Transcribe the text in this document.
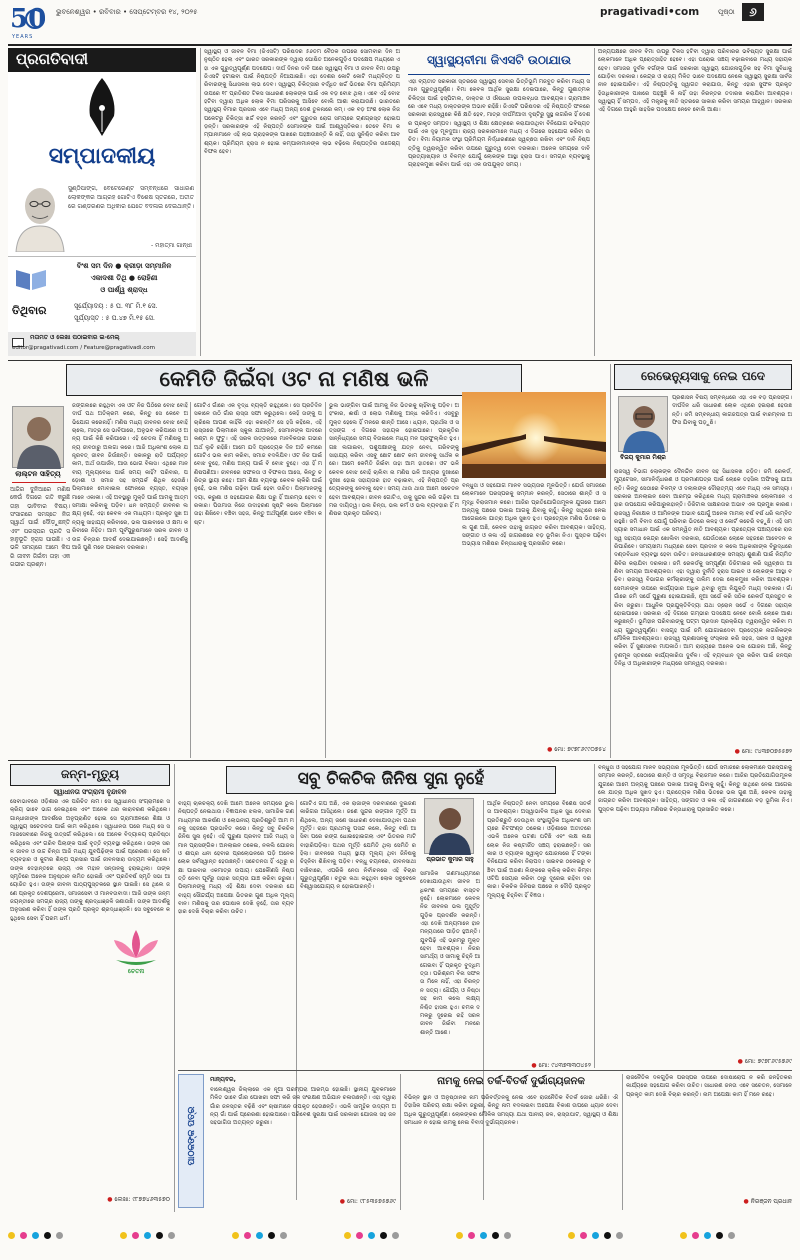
50
YEARS
ଭୁବନେଶ୍ୱର • ରବିବାର • ସେପ୍ଟେମ୍ବର ୧୪, ୨୦୨୫	pragativadi•com	ପୃଷ୍ଠା	୬
ପ୍ରଗତିବାଦୀ
ସମ୍ପାଦକୀୟ
ସୁଣ୍ଠିପାଙ୍ଗ, ବେଟେରେଣ୍ଟ ସମ୍ବନ୍ଧରେ ସାଧାରଣ ଲୋକଙ୍କର ଆଗ୍ରହ ଗୋଟିଏ ବିଶେଷ ସ୍ତରରେ, ଅତୀତରେ ଗଣ୍ଡରଣର ଅଧିକାର ଯେତେ ବଦଳାଇ ଦେଇଥାନ୍ତି।
- ମହାତ୍ମା ଗାନ୍ଧୀ
ବିଂଶ ସମ ଦିନ ● କ୍ରୀଡ଼ା ସମ୍ମାନିନ
ଏକାଦଶୀ ତିଥି ● ରୋହିଣୀ
ଓ ପାର୍ଶ୍ୱ ଶ୍ରାଦ୍ଧ
ତିଥିବାର	ସୂର୍ଯ୍ୟୋଦୟ : ୫ ଘ. ୩୮ ମି.୧ ସେ.
ସୂର୍ଯ୍ୟାସ୍ତ : ୫ ଘ.୪୭ ମି.୧୫ ସେ.
ମତାମତ ଓ ଲେଖା ପଠାଇବାର ଇ-ମେଲ୍
editor@pragativadi.com / Feature@pragativadi.com
ସ୍ୱାସ୍ଥ୍ୟ ଓ ଜୀବନ ବିମା (ଜିଏସଟି) ପରିଷଦର ୫୬ତମ ବୈଠକ ଉପରେ ସୋମବାର ଦିନ ଅନୁଷ୍ଠିତ ହେଲା ଏବଂ ଭାରତ ସରକାରଙ୍କ ଦ୍ୱାରା ଘୋଷିତ ଅନେକଗୁଡ଼ିଏ ପଦକ୍ଷେପ ମଧ୍ୟରେ ଏହା ଏକ ଗୁରୁତ୍ୱପୂର୍ଣ୍ଣ ପଦକ୍ଷେପ। ଦୀର୍ଘ ଦିନର ଦାବି ପରେ ସ୍ୱାସ୍ଥ୍ୟ ବିମା ଓ ଜୀବନ ବିମା ଉପରୁ ଜିଏସଟି ହଟାଇବା ପାଇଁ ନିଷ୍ପତ୍ତି ନିଆଯାଇଛି। ଏହା ଦେଶର କୋଟି କୋଟି ମଧ୍ୟବିତ୍ତ ପରିବାରଙ୍କୁ ସିଧାସଳଖ ଲାଭ ଦେବ। ସ୍ୱାସ୍ଥ୍ୟ ଚିକିତ୍ସାର ବର୍ଦ୍ଧିତ ଖର୍ଚ୍ଚ ଭିତରେ ବିମା ପ୍ରିମିୟମ ଉପରେ ୧୮ ପ୍ରତିଶତ ଟିକସ ସାଧାରଣ ଲୋକଙ୍କ ପାଇଁ ଏକ ବଡ଼ ବୋଝ ଥିଲା। ଏବେ ଏହି ବୋଝ ହଟିବା ଦ୍ୱାରା ଅଧିକ ଲୋକ ବିମା ପରିସରକୁ ଆସିବେ ବୋଲି ଆଶା କରାଯାଉଛି। ଭାରତରେ ସ୍ୱାସ୍ଥ୍ୟ ବିମାର ପ୍ରସାର ଏବେ ମଧ୍ୟ ଅନ୍ୟ ଦେଶ ତୁଳନାରେ କମ୍‌। ଏକ ବଡ଼ ଅଂଶ ଲୋକ ନିଜ ପକେଟରୁ ଚିକିତ୍ସା ଖର୍ଚ୍ଚ ବହନ କରନ୍ତି ଏବଂ ଗୁରୁତର ରୋଗ ସମୟରେ ଋଣଗ୍ରସ୍ତ ହୋଇପଡ଼ନ୍ତି। ସରକାରଙ୍କ ଏହି ନିଷ୍ପତ୍ତି ସେମାନଙ୍କ ପାଇଁ ଆଶ୍ୱସ୍ତିକର। ତେବେ ବିମା କମ୍ପାନୀମାନେ ଏହି ଲାଭ ଗ୍ରାହକଙ୍କ ପାଖରେ ପହଞ୍ଚାଉଛନ୍ତି କି ନାହିଁ, ତାହା ସୁନିଶ୍ଚିତ କରିବା ଆବଶ୍ୟକ। ପ୍ରିମିୟମ ହ୍ରାସ ନ ହୋଇ କମ୍ପାନୀମାନଙ୍କ ଲାଭ ବଢ଼ିଲେ ନିଷ୍ପତ୍ତିର ଉଦ୍ଦେଶ୍ୟ ବିଫଳ ହେବ।
ସ୍ୱାସ୍ଥ୍ୟବୀମା ଜିଏସଟି ଉଠାଯାଉ
ଏହା ବ୍ୟତୀତ ସରକାରୀ ସ୍ତରରେ ସ୍ୱାସ୍ଥ୍ୟ ସେବାର ଭିତ୍ତିଭୂମି ମଜବୁତ କରିବା ମଧ୍ୟ ସମାନ ଗୁରୁତ୍ୱପୂର୍ଣ୍ଣ। ବିମା କେବଳ ଆର୍ଥିକ ସୁରକ୍ଷା ଦେଇପାରେ, କିନ୍ତୁ ଗୁଣାତ୍ମକ ଚିକିତ୍ସା ପାଇଁ ହସ୍ପିଟାଲ, ଡାକ୍ତର ଓ ଔଷଧର ଉପଲବ୍ଧତା ଆବଶ୍ୟକ। ଗ୍ରାମାଞ୍ଚଳରେ ଏବେ ମଧ୍ୟ ଡାକ୍ତରଙ୍କ ଅଭାବ ରହିଛି। ଜିଏସଟି ପରିଷଦର ଏହି ନିଷ୍ପତ୍ତି ଫଳରେ ସରକାରୀ ରାଜସ୍ୱରେ କିଛି କ୍ଷତି ହେବ, ମାତ୍ର ଦୀର୍ଘମିଆଦୀ ଦୃଷ୍ଟିରୁ ସୁସ୍ଥ ନାଗରିକ ହିଁ ଦେଶର ପ୍ରକୃତ ସମ୍ପଦ। ସ୍ୱାସ୍ଥ୍ୟ ଓ ଶିକ୍ଷା କ୍ଷେତ୍ରରେ କରାଯାଉଥିବା ବିନିଯୋଗ ଭବିଷ୍ୟତ ପାଇଁ ଏକ ଦୃଢ଼ ମୂଳଦୁଆ। ରାଜ୍ୟ ସରକାରମାନେ ମଧ୍ୟ ଏ ଦିଗରେ ସହଯୋଗ କରିବା ଉଚିତ। ବିମା ନିୟାମକ ସଂସ୍ଥା ପ୍ରିମିୟମ ନିର୍ଦ୍ଧାରଣରେ ସ୍ୱଚ୍ଛତା ରଖିବା ଏବଂ ଦାବି ନିଷ୍ପତ୍ତିକୁ ତ୍ୱରାନ୍ୱିତ କରିବା ଉପରେ ଗୁରୁତ୍ୱ ଦେବା ଦରକାର। ଅନେକ ସମୟରେ ଦାବି ପ୍ରତ୍ୟାଖ୍ୟାନ ଓ ବିଳମ୍ବ ଯୋଗୁଁ ଲୋକଙ୍କ ଆସ୍ଥା ହ୍ରାସ ପାଏ। ସମଗ୍ର ବ୍ୟବସ୍ଥାକୁ ଗ୍ରାହକମୁଖୀ କରିବା ପାଇଁ ଏହା ଏକ ଉପଯୁକ୍ତ ସମୟ।
ଅନ୍ୟପକ୍ଷରେ ଜୀବନ ବିମା ଉପରୁ ଟିକସ ହଟିବା ଦ୍ୱାରା ପରିବାରର ଭବିଷ୍ୟତ ସୁରକ୍ଷା ପାଇଁ ଲୋକମାନେ ଅଧିକ ପ୍ରୋତ୍ସାହିତ ହେବେ। ଏହା ଘରୋଇ ସଞ୍ଚୟ ବଢ଼ାଇବାରେ ମଧ୍ୟ ସହାୟକ ହେବ। ସମାଜର ଦୁର୍ବଳ ବର୍ଗଙ୍କ ପାଇଁ ସରକାରୀ ସ୍ୱାସ୍ଥ୍ୟ ଯୋଜନାଗୁଡ଼ିକ ସହ ବିମା ସୁବିଧାକୁ ଯୋଡ଼ିବା ଦରକାର। କେନ୍ଦ୍ର ଓ ରାଜ୍ୟ ମିଳିତ ଭାବେ ପଦକ୍ଷେପ ନେଲେ ସ୍ୱାସ୍ଥ୍ୟ ସୁରକ୍ଷା ସାର୍ବଜନୀନ ହୋଇପାରିବ। ଏହି ନିଷ୍ପତ୍ତିକୁ ସ୍ୱାଗତ କରାଯାଉ, କିନ୍ତୁ ଏହାର ସୁଫଳ ପ୍ରକୃତ ହିତାଧିକାରୀଙ୍କ ପାଖରେ ପହଞ୍ଚୁଛି କି ନାହିଁ ତାହା ନିରନ୍ତର ତଦାରଖ କରାଯିବା ଆବଶ୍ୟକ। ସ୍ୱାସ୍ଥ୍ୟ ହିଁ ସମ୍ପଦ, ଏହି ମନ୍ତ୍ରକୁ ନୀତି ସ୍ତରରେ ସାକାର କରିବା ସମୟର ଆହ୍ୱାନ। ସରକାର ଏହି ଦିଗରେ ଆହୁରି ସାହସିକ ପଦକ୍ଷେପ ନେବେ ବୋଲି ଆଶା।
କେମିତି ଜିଇଁବା ଓଟ ନା ମଣିଷ ଭଳି
ଲାଲ୍ଟନ ସାହିତ୍ୟ
ଆଜିର ଦୁନିଆରେ ମଣିଷ କେଉଁ ଦିଗରେ ଗତି କରୁଛି ତାହା ଭାବିବାର ବିଷୟ। ସଂସାରରେ ସମସ୍ତେ ନିଜ ସ୍ୱାର୍ଥ ପାଇଁ ଦୌଡ଼ୁଛନ୍ତି ଏବଂ ପରସ୍ପର ପ୍ରତି ସହାନୁଭୂତି ହ୍ରାସ ପାଉଛି। ଏଭଳି ସମୟରେ ଆମେ କିପରି ଜୀବନ ଜିଇଁବା ତାହା ଏକ ଗଭୀର ପ୍ରଶ୍ନ।
ଜଙ୍ଗଲରେ ରହୁଥିବା ଏକ ଓଟ ନିଜ ପିଠିରେ ବୋଝ ବୋହି ଦୀର୍ଘ ପଥ ଅତିକ୍ରମ କରେ, କିନ୍ତୁ ସେ କେବେ ଅଭିଯୋଗ କରେନାହିଁ। ମଣିଷ ମଧ୍ୟ ଜୀବନର ବୋଝ ବୋହି ଚାଲେ, ମାତ୍ର ସେ ଭାବିପାରେ, ଅନୁଭବ କରିପାରେ ଓ ଅନ୍ୟ ପାଇଁ କିଛି କରିପାରେ। ଏହି ଚେତନା ହିଁ ମଣିଷକୁ ଅନ୍ୟ ଜୀବଠାରୁ ଅଲଗା କରେ। ଆଜି ଅଧିକାଂଶ ଲୋକ ଯନ୍ତ୍ରବତ୍‌ ଜୀବନ ଜିଉଁଛନ୍ତି। ସକାଳରୁ ରାତି ପର୍ଯ୍ୟନ୍ତ କାମ, ଅର୍ଥ ଉପାର୍ଜନ, ଆଉ ଭୋଗ ବିଳାସ। ଏଥିରେ ମାନବୀୟ ମୂଲ୍ୟବୋଧ ପାଇଁ ସମୟ କାହିଁ? ପରିବାର, ପଡ଼ୋଶୀ ଓ ସମାଜ ସହ ସମ୍ପର୍କ ଶିଥିଳ ହେଉଛି। ପିଲାମାନେ ମୋବାଇଲ ଫୋନରେ ବ୍ୟସ୍ତ, ବୟସ୍କମାନେ ଏକାକୀ। ଏହି ଅବସ୍ଥାରୁ ମୁକ୍ତି ପାଇଁ ଆମକୁ ଆତ୍ମସମୀକ୍ଷା କରିବାକୁ ପଡ଼ିବ। ଧନ ସମ୍ପତ୍ତି ଜୀବନର ଲକ୍ଷ୍ୟ ନୁହେଁ, ଏହା କେବଳ ଏକ ମାଧ୍ୟମ। ପ୍ରକୃତ ସୁଖ ଅନ୍ୟକୁ ସାହାଯ୍ୟ କରିବାରେ, ଭଲ ପାଇବାରେ ଓ କ୍ଷମା କରିବାରେ ନିହିତ। ଆମ ପୂର୍ବପୁରୁଷମାନେ ସରଳ ଜୀବନ ଓ ଉଚ୍ଚ ଚିନ୍ତାର ଆଦର୍ଶ ଦେଇଯାଇଛନ୍ତି। ସେହି ଆଦର୍ଶକୁ ଆଜି ପୁଣି ମନେ ପକାଇବା ଦରକାର।
ଗୋଟିଏ ଗାଁରେ ଏକ ବୃଦ୍ଧ ବ୍ୟକ୍ତି ରହୁଥିଲେ। ସେ ପ୍ରତିଦିନ ସକାଳେ ଉଠି ଗାଁର ରାସ୍ତା ସଫା କରୁଥିଲେ। କେହି ତାଙ୍କୁ ପଚାରିଲେ ଆପଣ କାହିଁକି ଏହା କରନ୍ତି? ସେ ହସି କହିଲେ, ଏହି ରାସ୍ତାରେ ପିଲାମାନେ ସ୍କୁଲ ଯାଆନ୍ତି, ସେମାନଙ୍କ ପାଦରେ କଣ୍ଟା ନ ଫୁଟୁ। ଏହି ସରଳ ଉତ୍ତରରେ ମାନବିକତାର ଗଭୀର ଅର୍ଥ ଲୁଚି ରହିଛି। ଆମେ ଯଦି ପ୍ରତ୍ୟେକ ଦିନ ଅତି କମରେ ଗୋଟିଏ ଭଲ କାମ କରିବା, ସମାଜ ବଦଳିଯିବ। ଓଟ ନିଜ ପାଇଁ ବୋଝ ବୁହେ, ମଣିଷ ଅନ୍ୟ ପାଇଁ ବି ବୋଝ ବୁହେ। ଏହା ହିଁ ମଣିଷପଣିଆ। ଜୀବନରେ ସଫଳତା ଓ ବିଫଳତା ଆସେ, କିନ୍ତୁ ଚରିତ୍ର ସ୍ଥାୟୀ ରହେ। ଆମ ଶିକ୍ଷା ବ୍ୟବସ୍ଥା କେବଳ ଚାକିରି ପାଇଁ ନୁହେଁ, ଭଲ ମଣିଷ ଗଢ଼ିବା ପାଇଁ ହେବା ଉଚିତ। ପିଲାମାନଙ୍କୁ ଦୟା, କରୁଣା ଓ ସହଯୋଗର ଶିକ୍ଷା ଘରୁ ହିଁ ଆରମ୍ଭ ହେବା ଦରକାର। ପିତାମାତା ନିଜେ ଉଦାହରଣ ସୃଷ୍ଟି କଲେ ପିଲାମାନେ ତାହା ଶିଖିବେ। ବଞ୍ଚିବା ସହଜ, କିନ୍ତୁ ଅର୍ଥପୂର୍ଣ୍ଣ ଭାବେ ବଞ୍ଚିବା କଷ୍ଟ।
ଭୁଲ ଭାଙ୍ଗିବା ପାଇଁ ଆମକୁ ନିଜ ଭିତରକୁ ଚାହିଁବାକୁ ପଡ଼ିବ। ଅହଂକାର, ଈର୍ଷା ଓ ଲୋଭ ମଣିଷକୁ ଅନ୍ଧ କରିଦିଏ। ଏସବୁରୁ ମୁକ୍ତ ହେଲେ ହିଁ ମନରେ ଶାନ୍ତି ଆସେ। ଧ୍ୟାନ, ପ୍ରାର୍ଥନା ଓ ସତ୍‌ସଙ୍ଗ ଏ ଦିଗରେ ସହାୟକ ହୋଇପାରେ। ପ୍ରକୃତିର ସାନ୍ନିଧ୍ୟରେ ସମୟ ବିତାଇଲେ ମଧ୍ୟ ମନ ପ୍ରଫୁଲ୍ଲିତ ହୁଏ। ଗଛ ଲଗାଇବା, ପଶୁପକ୍ଷୀଙ୍କୁ ଯତ୍ନ ନେବା, ଗରିବଙ୍କୁ ସାହାଯ୍ୟ କରିବା ଏସବୁ ଛୋଟ ଛୋଟ କାମ ଜୀବନକୁ ସାର୍ଥକ କରେ। ଆମେ କେମିତି ଜିଇଁବା ତାହା ଆମ ହାତରେ। ଓଟ ଭଳି କେବଳ ବୋଝ ବୋହି ଚାଲିବା ନା ମଣିଷ ଭଳି ଅନ୍ୟର ଦୁଃଖରେ ଦୁଃଖୀ ହୋଇ ସହାୟତାର ହାତ ବଢ଼ାଇବା, ଏହି ନିଷ୍ପତ୍ତି ପ୍ରତ୍ୟେକଙ୍କୁ ନେବାକୁ ହେବ। ସମୟ ଥାଉ ଥାଉ ଆମେ ସଚେତନ ହେବା ଆବଶ୍ୟକ। ଜୀବନ ଗୋଟିଏ, ତାକୁ ସୁନ୍ଦର କରି ଗଢ଼ିବା ଆମର ଦାୟିତ୍ୱ। ଭଲ ଚିନ୍ତା, ଭଲ କର୍ମ ଓ ଭଲ ବ୍ୟବହାର ହିଁ ମଣିଷର ପ୍ରକୃତ ପରିଚୟ।
ବନ୍ଧୁତା ଓ ସହଯୋଗ ମାନବ ସଭ୍ୟତାର ମୂଳଭିତ୍ତି। ଯେଉଁ ସମାଜରେ ଲୋକମାନେ ପରସ୍ପରକୁ ସମ୍ମାନ କରନ୍ତି, ସେଠାରେ ଶାନ୍ତି ଓ ସମୃଦ୍ଧି ବିରାଜମାନ କରେ। ଆଜିର ପ୍ରତିଯୋଗିତାମୂଳକ ଯୁଗରେ ଆମେ ଅନ୍ୟକୁ ପଛରେ ପକାଇ ଆଗକୁ ଯିବାକୁ ଚାହୁଁ। କିନ୍ତୁ ସାଥିରେ ନେଇ ଆଗେଇଲେ ଯାତ୍ରା ଅଧିକ ସୁଖଦ ହୁଏ। ପ୍ରତ୍ୟେକ ମଣିଷ ଭିତରେ ଭଲ ଗୁଣ ଅଛି, କେବଳ ତାହାକୁ ଜାଗ୍ରତ କରିବା ଆବଶ୍ୟକ। ସାହିତ୍ୟ, ସଙ୍ଗୀତ ଓ କଳା ଏହି ଜାଗରଣରେ ବଡ଼ ଭୂମିକା ନିଏ। ପୁସ୍ତକ ପଢ଼ିବା ଅଭ୍ୟାସ ମଣିଷର ଚିନ୍ତାଧାରାକୁ ପ୍ରସାରିତ କରେ।
● ମୋ: ୭୯୭୮୬୯୯୦୭୫୪
ରେଭେନ୍ୟୁସାକୁ ନେଇ ପଦେ
ବିଜୟ କୁମାର ମିଶ୍ର
ପ୍ରଶାସନ ବିଷୟ ସମ୍ବନ୍ଧରେ ଏହା ଏକ ବଡ଼ ପ୍ରସଙ୍ଗ। ଦୀର୍ଘଦିନ ଧରି ସାଧାରଣ ଲୋକ ଏଥିରେ ହଇରାଣ ହେଉଛନ୍ତି। ଜମି ସମ୍ବନ୍ଧୀୟ କାଗଜପତ୍ର ପାଇଁ ବାରମ୍ବାର ଅଫିସ ଯିବାକୁ ପଡ଼ୁଛି।
ରାଜସ୍ୱ ବିଭାଗ ଲୋକଙ୍କ ଦୈନନ୍ଦିନ ଜୀବନ ସହ ସିଧାସଳଖ ଜଡ଼ିତ। ଜମି ରେକର୍ଡ, ମ୍ୟୁଟେସନ, ସୀମାନିର୍ଦ୍ଧାରଣ ଓ ପ୍ରମାଣପତ୍ର ପାଇଁ ଲୋକେ ତହସିଲ ଅଫିସକୁ ଯାଆନ୍ତି। କିନ୍ତୁ ସେଠାରେ ବିଳମ୍ବ ଓ ଦଲାଲଙ୍କ ଦୌରାତ୍ମ୍ୟ ଏବେ ମଧ୍ୟ ଏକ ସମସ୍ୟା। ସରକାର ଅନଲାଇନ ସେବା ଆରମ୍ଭ କରିଥିଲେ ମଧ୍ୟ ଗ୍ରାମାଞ୍ଚଳର ଲୋକମାନେ ଏହାର ଉପଯୋଗ କରିପାରୁନାହାନ୍ତି। ଡିଜିଟାଲ ସାକ୍ଷରତାର ଅଭାବ ଏକ ପ୍ରମୁଖ କାରଣ। ରାଜସ୍ୱ ନିରୀକ୍ଷକ ଓ ଆମିନଙ୍କ ଅଭାବ ଯୋଗୁଁ ଅନେକ ମାମଲା ବର୍ଷ ବର୍ଷ ଧରି ଲମ୍ବିତ ରହୁଛି। ଜମି ବିବାଦ ଯୋଗୁଁ ପରିବାର ଭିତରେ କଳହ ଓ କୋର୍ଟ କଚେରି ବଢ଼ୁଛି। ଏହି ସମସ୍ୟାର ସମାଧାନ ପାଇଁ ଏକ ସମନ୍ୱିତ ନୀତି ଆବଶ୍ୟକ। ପ୍ରତ୍ୟେକ ପଞ୍ଚାୟତରେ ରାଜସ୍ୱ ସହାୟତା କେନ୍ଦ୍ର ଖୋଲିବା ଦରକାର, ଯେଉଁଠାରେ ଲୋକେ ସହଜରେ ଆବେଦନ କରିପାରିବେ। ସମୟସୀମା ମଧ୍ୟରେ ସେବା ପ୍ରଦାନ ନ କଲେ ଅଧିକାରୀଙ୍କ ବିରୁଦ୍ଧରେ ଦଣ୍ଡବିଧାନ ବ୍ୟବସ୍ଥା ହେବା ଉଚିତ। ଜନସାଧାରଣଙ୍କ ସମସ୍ୟା ଶୁଣାଣି ପାଇଁ ନିୟମିତ ଶିବିର କରାଯିବା ଦରକାର। ଜମି ରେକର୍ଡକୁ ସମ୍ପୂର୍ଣ୍ଣ ଡିଜିଟାଇଜ କରି ସ୍ୱଚ୍ଛତା ଆଣିବା ସମୟର ଆବଶ୍ୟକତା। ଏହା ଦ୍ୱାରା ଦୁର୍ନୀତି ହ୍ରାସ ପାଇବ ଓ ଲୋକଙ୍କ ଆସ୍ଥା ବଢ଼ିବ। ରାଜସ୍ୱ ବିଭାଗର କର୍ମଚାରୀଙ୍କୁ ତାଲିମ ଦେଇ ଲୋକମୁଖୀ କରିବା ଆବଶ୍ୟକ। ସେମାନଙ୍କ ଉପରେ କାର୍ଯ୍ୟଭାର ଅଧିକ ଥିବାରୁ ନୂଆ ନିଯୁକ୍ତି ମଧ୍ୟ ଦରକାର। ଗାଁ ଗାଁରେ ଜମି ସର୍ଭେ ପୁରୁଣା ହୋଇଯାଇଛି, ନୂଆ ସର୍ଭେ କରି ସଠିକ ରେକର୍ଡ ପ୍ରସ୍ତୁତ କରିବା ଜରୁରୀ। ଆଧୁନିକ ପ୍ରଯୁକ୍ତିବିଦ୍ୟା ଯଥା ଡ୍ରୋନ ସର୍ଭେ ଏ ଦିଗରେ ସହାୟକ ହୋଇପାରେ। ସରକାର ଏହି ଦିଗରେ ଗମ୍ଭୀର ପଦକ୍ଷେପ ନେବେ ବୋଲି ଲୋକେ ଆଶା କରୁଛନ୍ତି। ଭୂମିହୀନ ପରିବାରଙ୍କୁ ପଟ୍ଟା ପ୍ରଦାନ ପ୍ରକ୍ରିୟା ତ୍ୱରାନ୍ୱିତ କରିବା ମଧ୍ୟ ଗୁରୁତ୍ୱପୂର୍ଣ୍ଣ। ବାସଗୃହ ପାଇଁ ଜମି ଯୋଗାଇଦେବା ପ୍ରତ୍ୟେକ ନାଗରିକଙ୍କ ମୌଳିକ ଆବଶ୍ୟକତା। ରାଜସ୍ୱ ପ୍ରଶାସନକୁ ସଂସ୍କାର କରି ସହଜ, ସରଳ ଓ ସ୍ୱଚ୍ଛ କରିବା ହିଁ ସୁଶାସନର ମାପକାଠି। ଆମ ରାଜ୍ୟରେ ଅନେକ ଭଲ ଯୋଜନା ଅଛି, କିନ୍ତୁ ତୃଣମୂଳ ସ୍ତରରେ କାର୍ଯ୍ୟକାରିତା ଦୁର୍ବଳ। ଏହି ବ୍ୟବଧାନ ଦୂର କରିବା ପାଇଁ ଜନପ୍ରତିନିଧି ଓ ଅଧିକାରୀଙ୍କ ମଧ୍ୟରେ ସମନ୍ୱୟ ଦରକାର।
● ମୋ: ୯୪୩୭୦୭୫୫୭୨
ଜନ୍ମ-ମୃତ୍ୟୁ
ସ୍ୱାଧୀନତା ସଂଗ୍ରାମୀ ବୃନ୍ଦାବନ
ସେବାଭାବରେ ଓଡ଼ିଶାର ଏକ ପରିଚିତ ନାମ। ସେ ସ୍ୱାଧୀନତା ସଂଗ୍ରାମରେ ସକ୍ରିୟ ଭାବେ ଭାଗ ନେଇଥିଲେ ଏବଂ ଅନେକ ଥର କାରାବରଣ କରିଥିଲେ। ଗାନ୍ଧୀଜୀଙ୍କ ଆଦର୍ଶରେ ଅନୁପ୍ରାଣିତ ହୋଇ ସେ ଗ୍ରାମାଞ୍ଚଳରେ ଶିକ୍ଷା ଓ ସ୍ୱାସ୍ଥ୍ୟ ସଚେତନତା ପାଇଁ କାମ କରିଥିଲେ। ସ୍ୱାଧୀନତା ପରେ ମଧ୍ୟ ସେ ସମାଜସେବାରେ ନିଜକୁ ଉତ୍ସର୍ଗ କରିଥିଲେ। ସେ ଅନେକ ବିଦ୍ୟାଳୟ ପ୍ରତିଷ୍ଠା କରିଥିଲେ ଏବଂ ଗରିବ ପିଲାଙ୍କ ପାଇଁ ବୃତ୍ତି ବ୍ୟବସ୍ଥା କରିଥିଲେ। ତାଙ୍କ ସରଳ ଜୀବନ ଓ ଉଚ୍ଚ ଚିନ୍ତା ଆଜି ମଧ୍ୟ ଯୁବପିଢ଼ିଙ୍କ ପାଇଁ ପ୍ରେରଣା। ସେ ଖଦି ବ୍ୟବହାର ଓ କୁଟୀର ଶିଳ୍ପ ପ୍ରସାର ପାଇଁ ଜୀବନସାରା ଉଦ୍ୟମ କରିଥିଲେ। ତାଙ୍କ ଦେହାନ୍ତରେ ରାଜ୍ୟ ଏକ ମହାନ ସନ୍ତାନକୁ ହରାଇଥିଲା। ତାଙ୍କ ସ୍ମୃତିରେ ଅନେକ ଅନୁଷ୍ଠାନ ନାମିତ ହୋଇଛି ଏବଂ ପ୍ରତିବର୍ଷ ସ୍ମୃତି ସଭା ଆୟୋଜିତ ହୁଏ। ତାଙ୍କ ଜୀବନୀ ପାଠ୍ୟପୁସ୍ତକରେ ସ୍ଥାନ ପାଇଛି। ସେ ଥିଲେ ଜଣେ ପ୍ରକୃତ ଦେଶପ୍ରେମୀ, ସମାଜସେବୀ ଓ ମାନବତାବାଦୀ। ଆଜି ତାଙ୍କ ଜନ୍ମ ଜୟନ୍ତୀରେ ସମଗ୍ର ରାଜ୍ୟ ତାଙ୍କୁ ଶ୍ରଦ୍ଧାଞ୍ଜଳି ଜଣାଉଛି। ତାଙ୍କ ଆଦର୍ଶକୁ ଅନୁସରଣ କରିବା ହିଁ ତାଙ୍କ ପ୍ରତି ପ୍ରକୃତ ଶ୍ରଦ୍ଧାଞ୍ଜଳି। ସେ ସବୁବେଳେ କହୁଥିଲେ ସେବା ହିଁ ପରମ ଧର୍ମ।
ଚେତନା
● ଲେଖା: ୯୮୭୭୪୬୩୫୭୦
ସବୁ ଚିକଚିକ ଜିନିଷ ସୁନା ନୁହେଁ
ବାହ୍ୟ ଚାକଚକ୍ୟ ଦେଖି ଆମେ ଅନେକ ସମୟରେ ଭୁଲ ନିଷ୍ପତ୍ତି ନେଇଥାଉ। ବିଜ୍ଞାପନର ଝଲକ, ସାମାଜିକ ଗଣମାଧ୍ୟମର ଆକର୍ଷଣ ଓ ଲୋଭନୀୟ ପ୍ରତିଶ୍ରୁତି ଆମ ମନକୁ ସହଜରେ ପ୍ରଭାବିତ କରେ। କିନ୍ତୁ ସବୁ ଚିକଚିକ ଜିନିଷ ସୁନା ନୁହେଁ। ଏହି ପୁରୁଣା ପ୍ରବାଦ ଆଜି ମଧ୍ୟ ସମାନ ପ୍ରାସଙ୍ଗିକ। ଅନଲାଇନ ଠକେଇ, ନକଲି ଯୋଜନା ଓ ଶୀଘ୍ର ଧନୀ ହେବାର ପ୍ରଲୋଭନରେ ପଡ଼ି ଅନେକ ଲୋକ ସର୍ବସ୍ୱାନ୍ତ ହେଉଛନ୍ତି। ସଚେତନତା ହିଁ ଏଥିରୁ ରକ୍ଷା ପାଇବାର ଏକମାତ୍ର ଉପାୟ। ଯେକୌଣସି ନିଷ୍ପତ୍ତି ନେବା ପୂର୍ବରୁ ତାହାର ସତ୍ୟତା ଯାଞ୍ଚ କରିବା ଜରୁରୀ। ପିଲାମାନଙ୍କୁ ମଧ୍ୟ ଏହି ଶିକ୍ଷା ଦେବା ଦରକାର ଯେ ବାହ୍ୟ ସୌନ୍ଦର୍ଯ୍ୟ ଅପେକ୍ଷା ଭିତରର ଗୁଣ ଅଧିକ ମୂଲ୍ୟବାନ। ମଣିଷକୁ ତାର ପୋଷାକ ଦେଖି ନୁହେଁ, ତାର ବ୍ୟବହାର ଦେଖି ବିଚାର କରିବା ଉଚିତ।
ଗୋଟିଏ ଗପ ଅଛି, ଏକ ରାଜାଙ୍କ ଦରବାରରେ ଦୁଇଜଣ କାରିଗର ଆସିଥିଲେ। ଜଣେ ସୁନ୍ଦର ରଙ୍ଗୀନ ମୂର୍ତ୍ତି ଆଣିଥିଲେ, ଅନ୍ୟ ଜଣେ ସାଧାରଣ ଦେଖାଯାଉଥିବା ପଥର ମୂର୍ତ୍ତି। ରାଜା ପ୍ରଥମକୁ ପସନ୍ଦ କଲେ, କିନ୍ତୁ ବର୍ଷା ଆସିବା ପରେ ରଙ୍ଗ ଧୋଇହୋଇଗଲା ଏବଂ ଭିତରର ମାଟି ବାହାରିପଡ଼ିଲା। ପଥର ମୂର୍ତ୍ତି ଯେମିତି ଥିଲା ସେମିତି ରହିଲା। ଜୀବନରେ ମଧ୍ୟ ସ୍ଥାୟୀ ମୂଲ୍ୟ ଥିବା ଜିନିଷକୁ ଚିହ୍ନିବା ଶିଖିବାକୁ ପଡ଼ିବ। ବନ୍ଧୁ ଚୟନରେ, ଜୀବନସାଥୀ ବାଛିବାରେ, ଏପରିକି ନେତା ନିର୍ବାଚନରେ ଏହି ବିଚାର ଗୁରୁତ୍ୱପୂର୍ଣ୍ଣ। ଚତୁର କଥା କହୁଥିବା ଲୋକ ସବୁବେଳେ ବିଶ୍ୱାସଯୋଗ୍ୟ ନ ହୋଇପାରନ୍ତି।
ପ୍ରଭାତ କୁମାର ସାହୁ
ସାମାଜିକ ଗଣମାଧ୍ୟମରେ ଦେଖାଯାଉଥିବା ଜୀବନ ଅଧିକାଂଶ ସମୟରେ ବାସ୍ତବ ନୁହେଁ। ଲୋକମାନେ କେବଳ ନିଜ ଜୀବନର ଭଲ ମୁହୂର୍ତ୍ତଗୁଡ଼ିକ ପ୍ରଦର୍ଶନ କରନ୍ତି। ଏହା ଦେଖି ଅନ୍ୟମାନେ ହୀନମନ୍ୟତାରେ ପୀଡ଼ିତ ହୁଅନ୍ତି। ଯୁବପିଢ଼ି ଏହି ଭ୍ରମରୁ ମୁକ୍ତ ହେବା ଆବଶ୍ୟକ। ନିଜର ସାମର୍ଥ୍ୟ ଓ ସୀମାକୁ ଚିହ୍ନି ଆଗେଇବା ହିଁ ପ୍ରକୃତ ବୁଦ୍ଧିମତ୍ତା। ପରିଶ୍ରମ ବିନା ସଫଳତା ମିଳେ ନାହିଁ, ଏହା ଚିରନ୍ତନ ସତ୍ୟ। ଧୈର୍ଯ୍ୟ ଓ ନିଷ୍ଠା ସହ କାମ କଲେ ଲକ୍ଷ୍ୟ ନିଶ୍ଚିତ ହାସଲ ହୁଏ। ଚମକ ଦମକରୁ ଦୂରେଇ ରହି ସରଳ ଜୀବନ ଜିଇଁବା ମନରେ ଶାନ୍ତି ଆଣେ।
ଆର୍ଥିକ ନିଷ୍ପତ୍ତି ନେବା ସମୟରେ ବିଶେଷ ସତର୍କତା ଆବଶ୍ୟକ। ଅସ୍ୱାଭାବିକ ଅଧିକ ସୁଧ ଦେବାର ପ୍ରତିଶ୍ରୁତି ଦେଉଥିବା ସଂସ୍ଥାଗୁଡ଼ିକ ଅଧିକାଂଶ ସମୟରେ ଚିଟଫଣ୍ଡ ଠକେଇ। ଓଡ଼ିଶାରେ ଅତୀତରେ ଏଭଳି ଅନେକ ଘଟଣା ଘଟିଛି ଏବଂ ଲକ୍ଷ ଲକ୍ଷ ଲୋକ ନିଜ କଷ୍ଟାର୍ଜିତ ସଞ୍ଚୟ ହରାଇଛନ୍ତି। ସରକାର ଓ ବ୍ୟାଙ୍କ ସ୍ୱୀକୃତ ଯୋଜନାରେ ହିଁ ଟଙ୍କା ବିନିଯୋଗ କରିବା ନିରାପଦ। ସାଇବର ଠକେଇରୁ ବଞ୍ଚିବା ପାଇଁ ଅଜଣା ଲିଙ୍କରେ କ୍ଲିକ୍‌ କରିବା କିମ୍ବା ଓଟିପି ସେୟାର କରିବା ଠାରୁ ଦୂରେଇ ରହିବା ଦରକାର। ଚିକଚିକ ଜିନିଷର ପଛରେ ନ ଦୌଡ଼ି ପ୍ରକୃତ ମୂଲ୍ୟକୁ ଚିହ୍ନିବା ହିଁ ବିଜ୍ଞତା।
● ମୋ: ୯୪୩୭୩୩୦୪୫୨
ବନ୍ଧୁତା ଓ ସହଯୋଗ ମାନବ ସଭ୍ୟତାର ମୂଳଭିତ୍ତି। ଯେଉଁ ସମାଜରେ ଲୋକମାନେ ପରସ୍ପରକୁ ସମ୍ମାନ କରନ୍ତି, ସେଠାରେ ଶାନ୍ତି ଓ ସମୃଦ୍ଧି ବିରାଜମାନ କରେ। ଆଜିର ପ୍ରତିଯୋଗିତାମୂଳକ ଯୁଗରେ ଆମେ ଅନ୍ୟକୁ ପଛରେ ପକାଇ ଆଗକୁ ଯିବାକୁ ଚାହୁଁ। କିନ୍ତୁ ସାଥିରେ ନେଇ ଆଗେଇଲେ ଯାତ୍ରା ଅଧିକ ସୁଖଦ ହୁଏ। ପ୍ରତ୍ୟେକ ମଣିଷ ଭିତରେ ଭଲ ଗୁଣ ଅଛି, କେବଳ ତାହାକୁ ଜାଗ୍ରତ କରିବା ଆବଶ୍ୟକ। ସାହିତ୍ୟ, ସଙ୍ଗୀତ ଓ କଳା ଏହି ଜାଗରଣରେ ବଡ଼ ଭୂମିକା ନିଏ। ପୁସ୍ତକ ପଢ଼ିବା ଅଭ୍ୟାସ ମଣିଷର ଚିନ୍ତାଧାରାକୁ ପ୍ରସାରିତ କରେ।
● ମୋ: ୭୯୭୮୬୯୫୭୬୯
ପାଠକଙ୍କ ପତ୍ର
ମାନ୍ୟବର,
ବାଲେଶ୍ୱର ଜିଲ୍ଲାରେ ଏକ ନୂଆ ପରମ୍ପରା ଆରମ୍ଭ ହୋଇଛି। ସ୍ଥାନୀୟ ଯୁବକମାନେ ମିଳିତ ଭାବେ ଗାଁର ପୋଖରୀ ସଫା କରି ଜଳ ସଂରକ୍ଷଣ ଅଭିଯାନ ଚଳାଉଛନ୍ତି। ଏହା ଦ୍ୱାରା ଗାଁର ଜଳସ୍ତର ବଢ଼ିଛି ଏବଂ ଚାଷୀମାନେ ଉପକୃତ ହେଉଛନ୍ତି। ଏଭଳି ସାମୂହିକ ଉଦ୍ୟମ ଅନ୍ୟ ଗାଁ ପାଇଁ ପ୍ରେରଣା ହୋଇପାରେ। ପରିବେଶ ସୁରକ୍ଷା ପାଇଁ ସରକାରୀ ଯୋଜନା ସହ ଜନସହଭାଗିତା ଅତ୍ୟନ୍ତ ଜରୁରୀ।
● ମୋ: ୯୮୫୩୫୭୫୭୬୯
ନାମକୁ ନେଇ ତର୍କ-ବିତର୍କ ଦୁର୍ଭାଗ୍ୟଜନକ
ବିଭିନ୍ନ ସ୍ଥାନ ଓ ଅନୁଷ୍ଠାନର ନାମ ପରିବର୍ତ୍ତନକୁ ନେଇ ଏବେ ରାଜନୈତିକ ବିତର୍କ ଜୋର ଧରିଛି। ଐତିହାସିକ ପରିଚୟ ରକ୍ଷା କରିବା ଜରୁରୀ, କିନ୍ତୁ ନାମ ବଦଳାଇବା ଅପେକ୍ଷା ବିକାଶ ଉପରେ ଧ୍ୟାନ ଦେବା ଅଧିକ ଗୁରୁତ୍ୱପୂର୍ଣ୍ଣ। ଲୋକଙ୍କର ମୌଳିକ ସମସ୍ୟା ଯଥା ପାନୀୟ ଜଳ, ରାସ୍ତାଘାଟ, ସ୍ୱାସ୍ଥ୍ୟ ଓ ଶିକ୍ଷା ସମାଧାନ ନ ହୋଇ ନାମକୁ ନେଇ ବିବାଦ ଦୁର୍ଭାଗ୍ୟଜନକ।
ରାଜନୈତିକ ଦଳଗୁଡ଼ିକ ପରସ୍ପର ଉପରେ ଦୋଷାରୋପ ନ କରି ଜନହିତକର କାର୍ଯ୍ୟରେ ସହଯୋଗ କରିବା ଉଚିତ। ସାଧାରଣ ଜନତା ଏବେ ସଚେତନ, ସେମାନେ ପ୍ରକୃତ କାମ ଦେଖି ବିଚାର କରନ୍ତି। ନାମ ଅପେକ୍ଷା କାମ ହିଁ ମନେ ରହେ।
● ନିରଞ୍ଜନ ପ୍ରଧାନ
